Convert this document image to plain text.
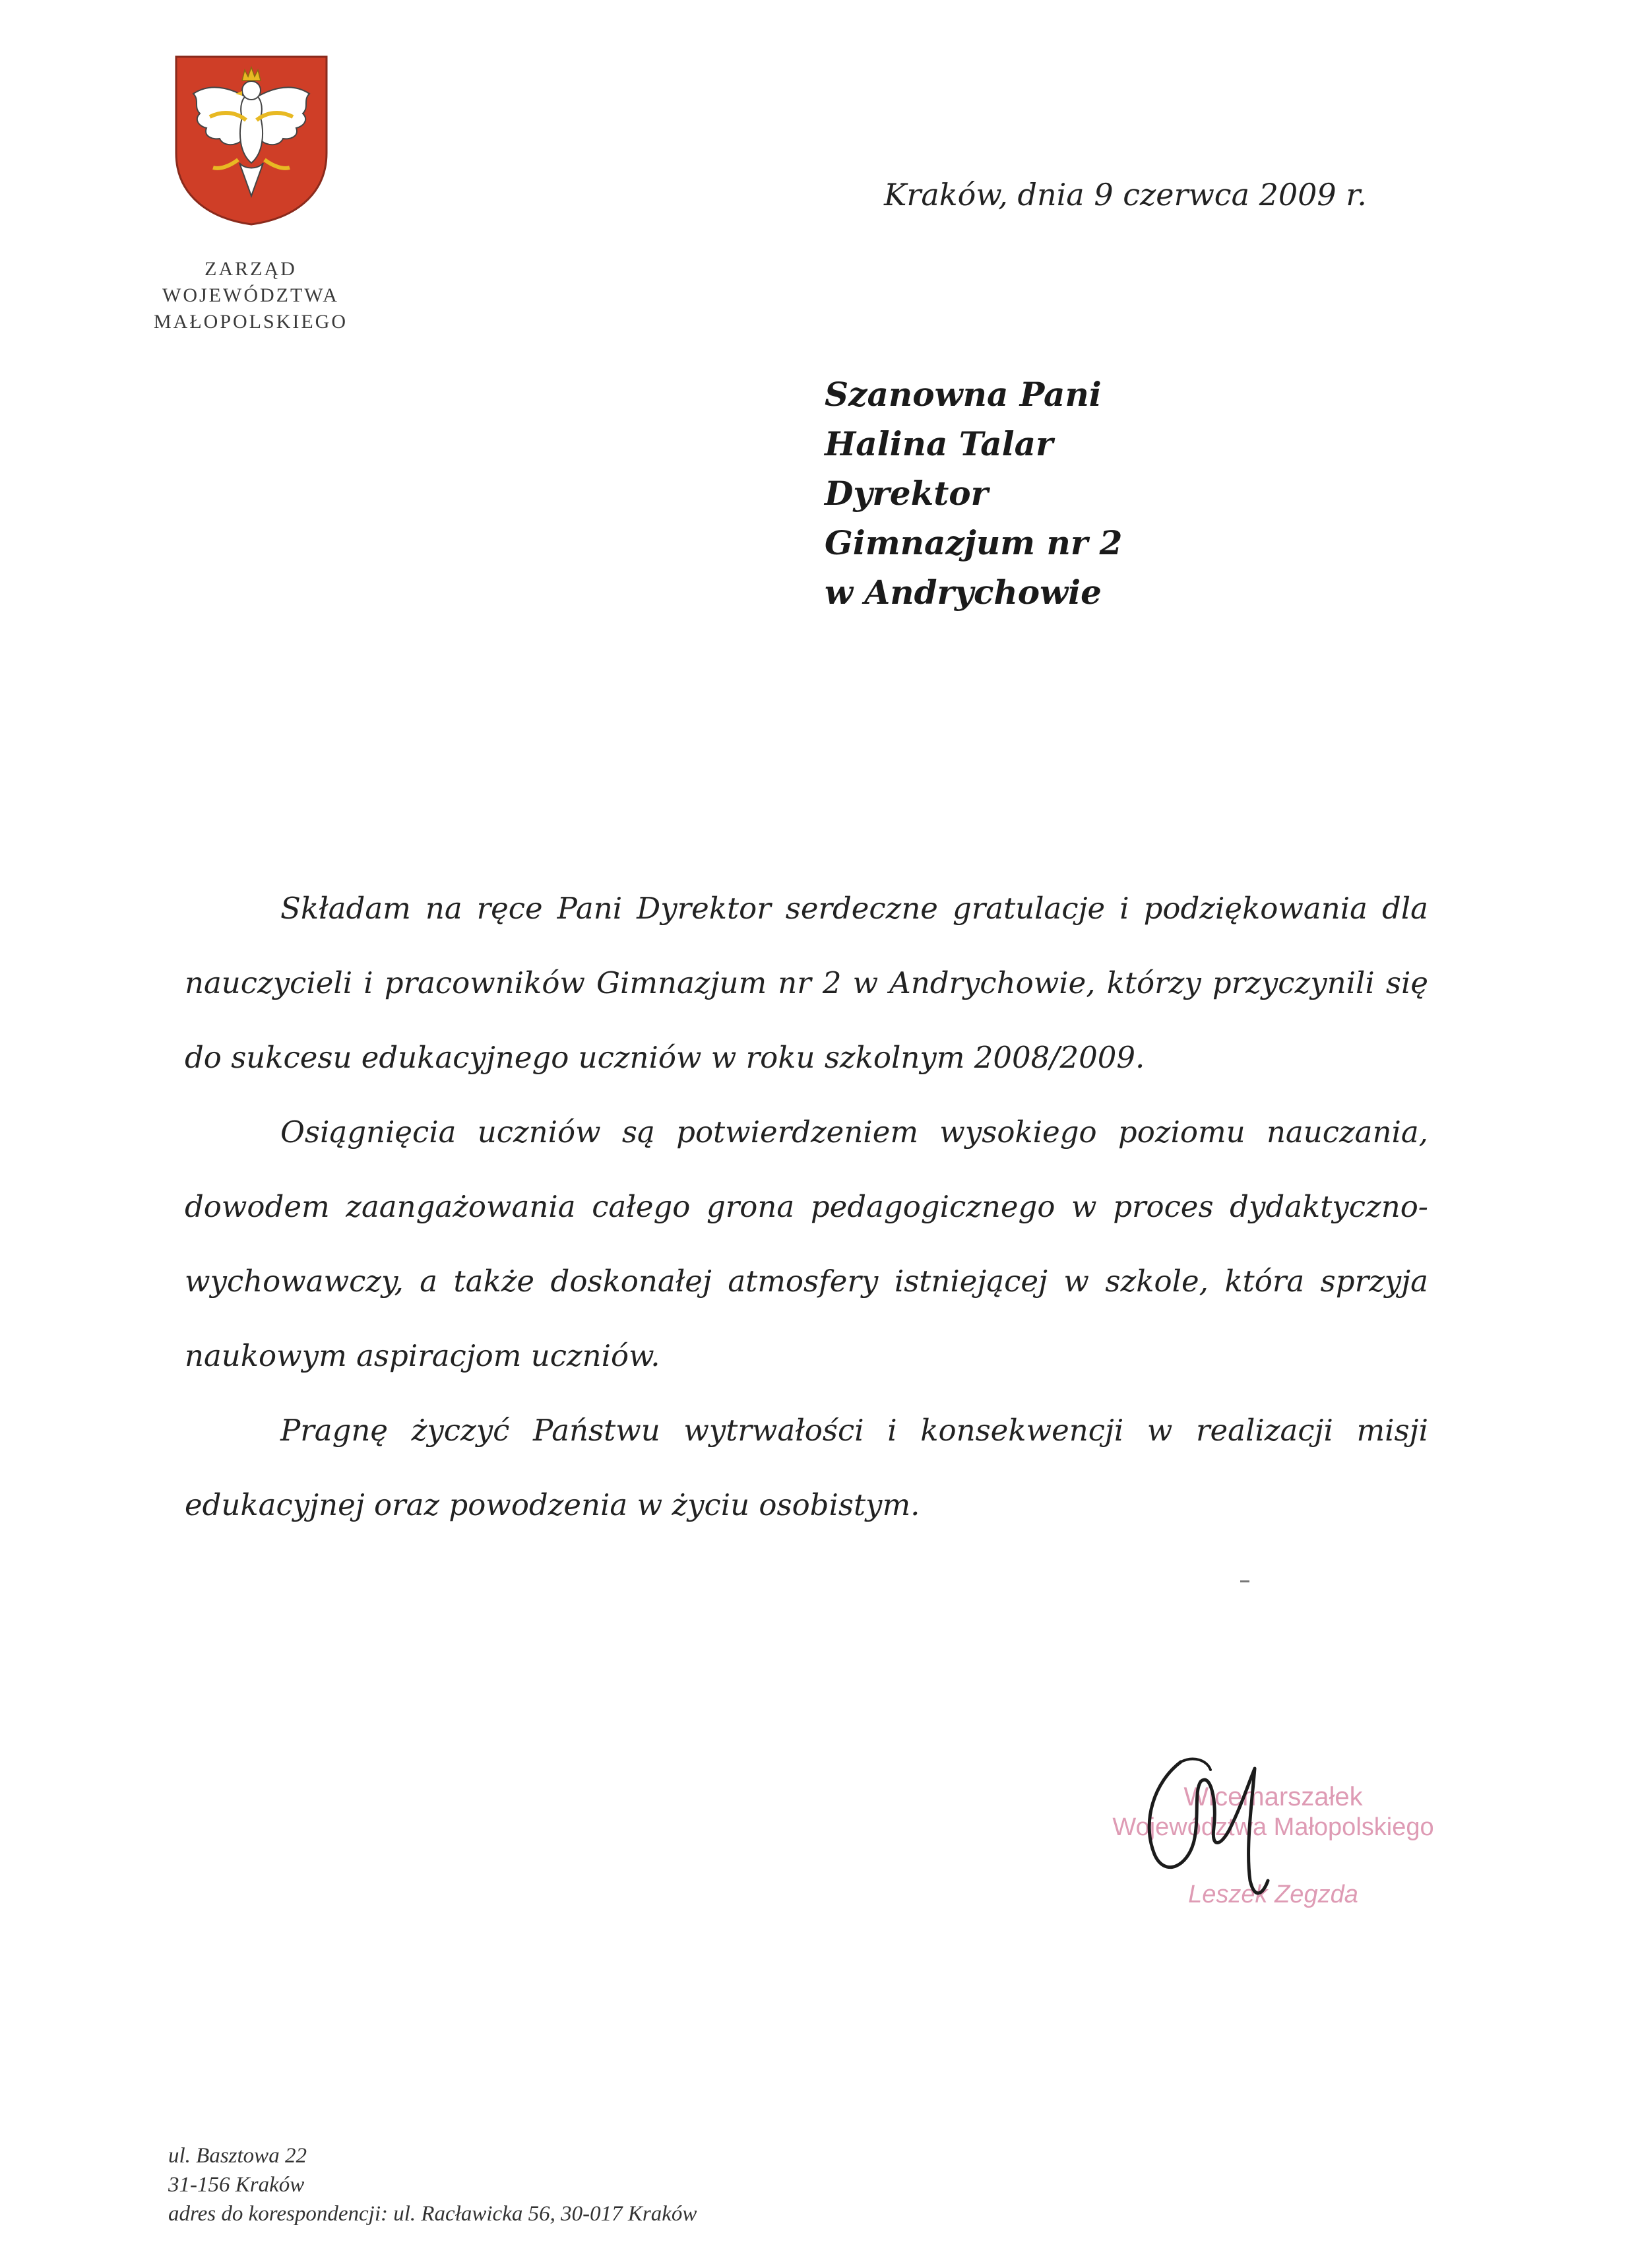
ZARZĄD
WOJEWÓDZTWA
MAŁOPOLSKIEGO
Kraków, dnia 9 czerwca 2009 r.
Szanowna Pani
Halina Talar
Dyrektor
Gimnazjum nr 2
w Andrychowie

Składam na ręce Pani Dyrektor serdeczne gratulacje i podziękowania dla nauczycieli i pracowników Gimnazjum nr 2 w Andrychowie, którzy przyczynili się do sukcesu edukacyjnego uczniów w roku szkolnym 2008/2009.

Osiągnięcia uczniów są potwierdzeniem wysokiego poziomu nauczania, dowodem zaangażowania całego grona pedagogicznego w proces dydaktyczno-wychowawczy, a także doskonałej atmosfery istniejącej w szkole, która sprzyja naukowym aspiracjom uczniów.

Pragnę życzyć Państwu wytrwałości i konsekwencji w realizacji misji edukacyjnej oraz powodzenia w życiu osobistym.

Wicemarszałek
Województwa Małopolskiego
Leszek Zegzda
ul. Basztowa 22
31-156 Kraków
adres do korespondencji: ul. Racławicka 56, 30-017 Kraków
